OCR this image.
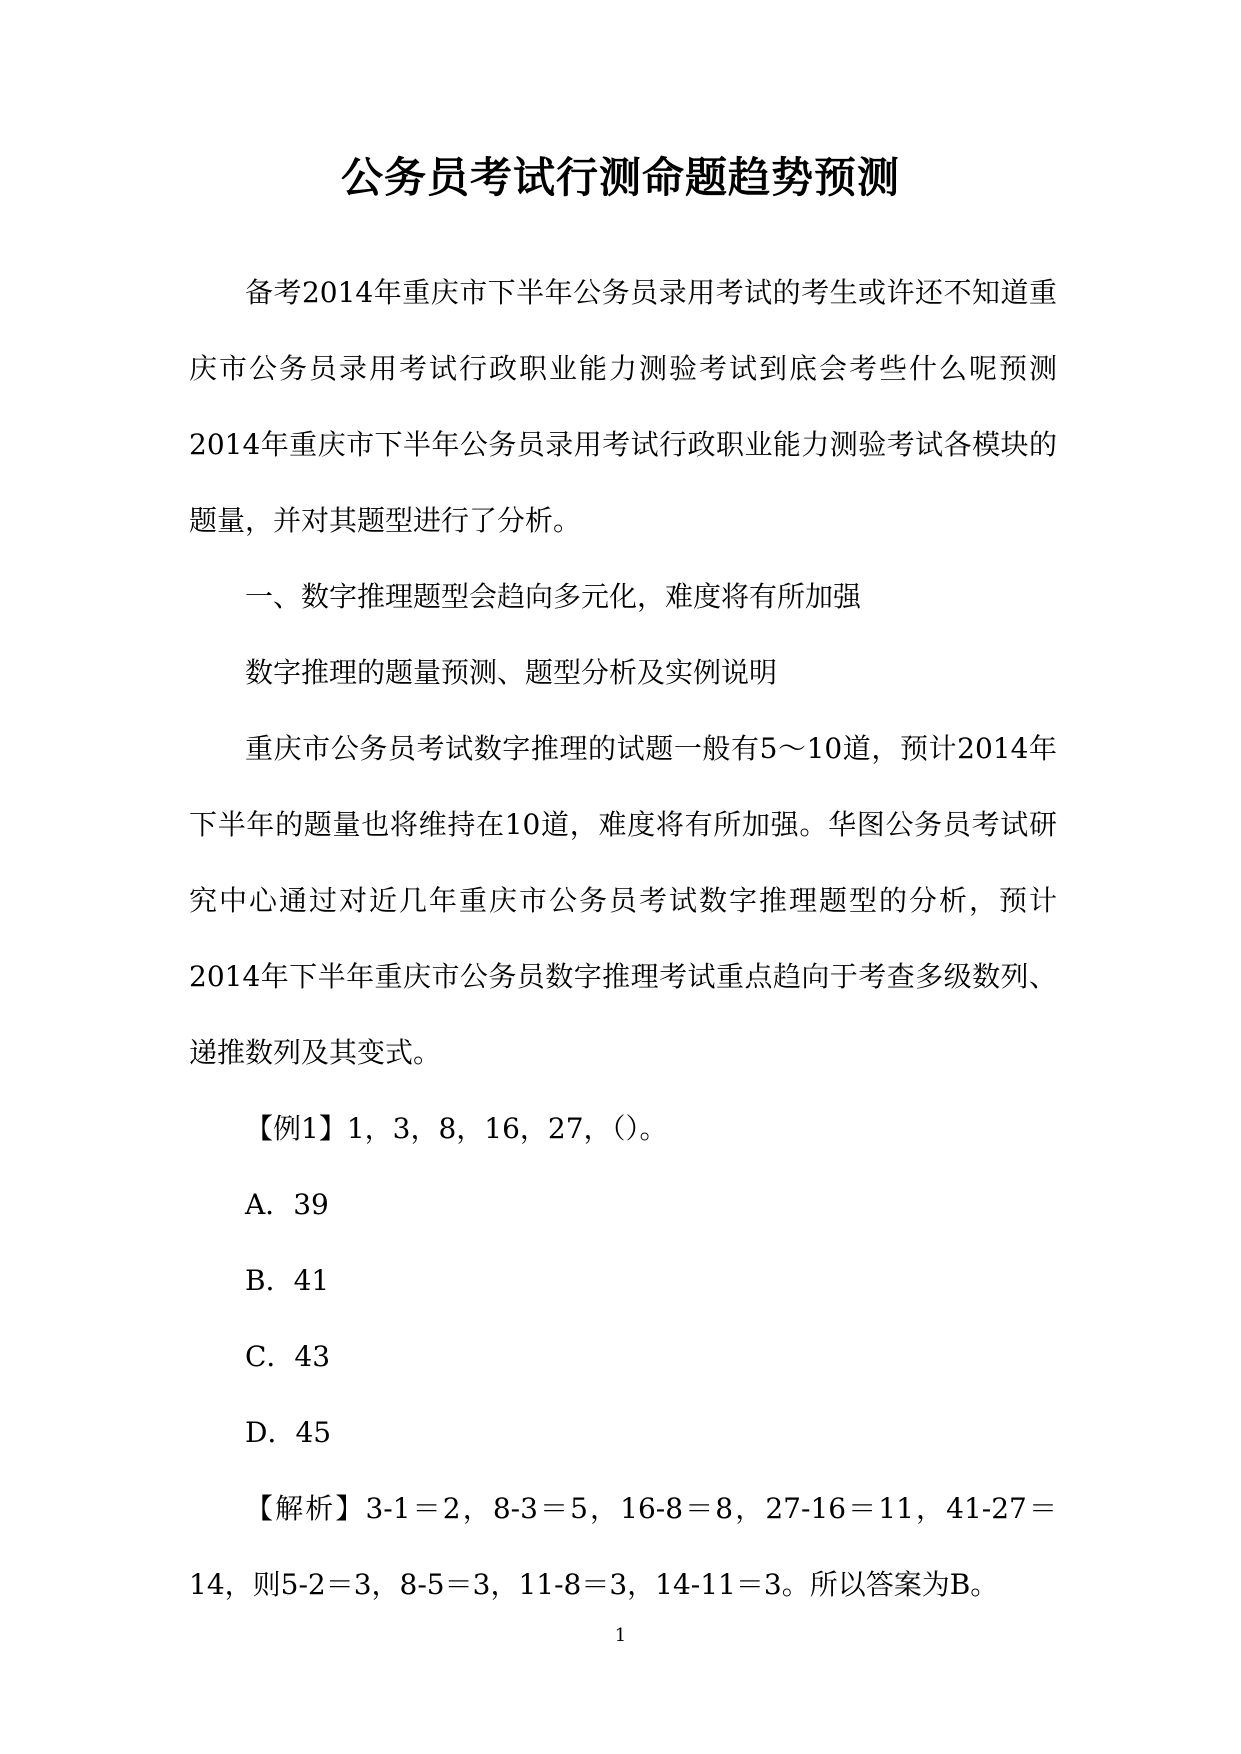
公务员考试行测命题趋势预测

备考2014年重庆市下半年公务员录用考试的考生或许还不知道重庆市公务员录用考试行政职业能力测验考试到底会考些什么呢预测2014年重庆市下半年公务员录用考试行政职业能力测验考试各模块的题量，并对其题型进行了分析。

一、数字推理题型会趋向多元化，难度将有所加强

数字推理的题量预测、题型分析及实例说明

重庆市公务员考试数字推理的试题一般有5～10道，预计2014年下半年的题量也将维持在10道，难度将有所加强。华图公务员考试研究中心通过对近几年重庆市公务员考试数字推理题型的分析，预计2014年下半年重庆市公务员数字推理考试重点趋向于考查多级数列、递推数列及其变式。

【例1】1，3，8，16，27，（）。

A．39

B．41

C．43

D．45

【解析】3-1＝2，8-3＝5，16-8＝8，27-16＝11，41-27＝14，则5-2＝3，8-5＝3，11-8＝3，14-11＝3。所以答案为B。

1
